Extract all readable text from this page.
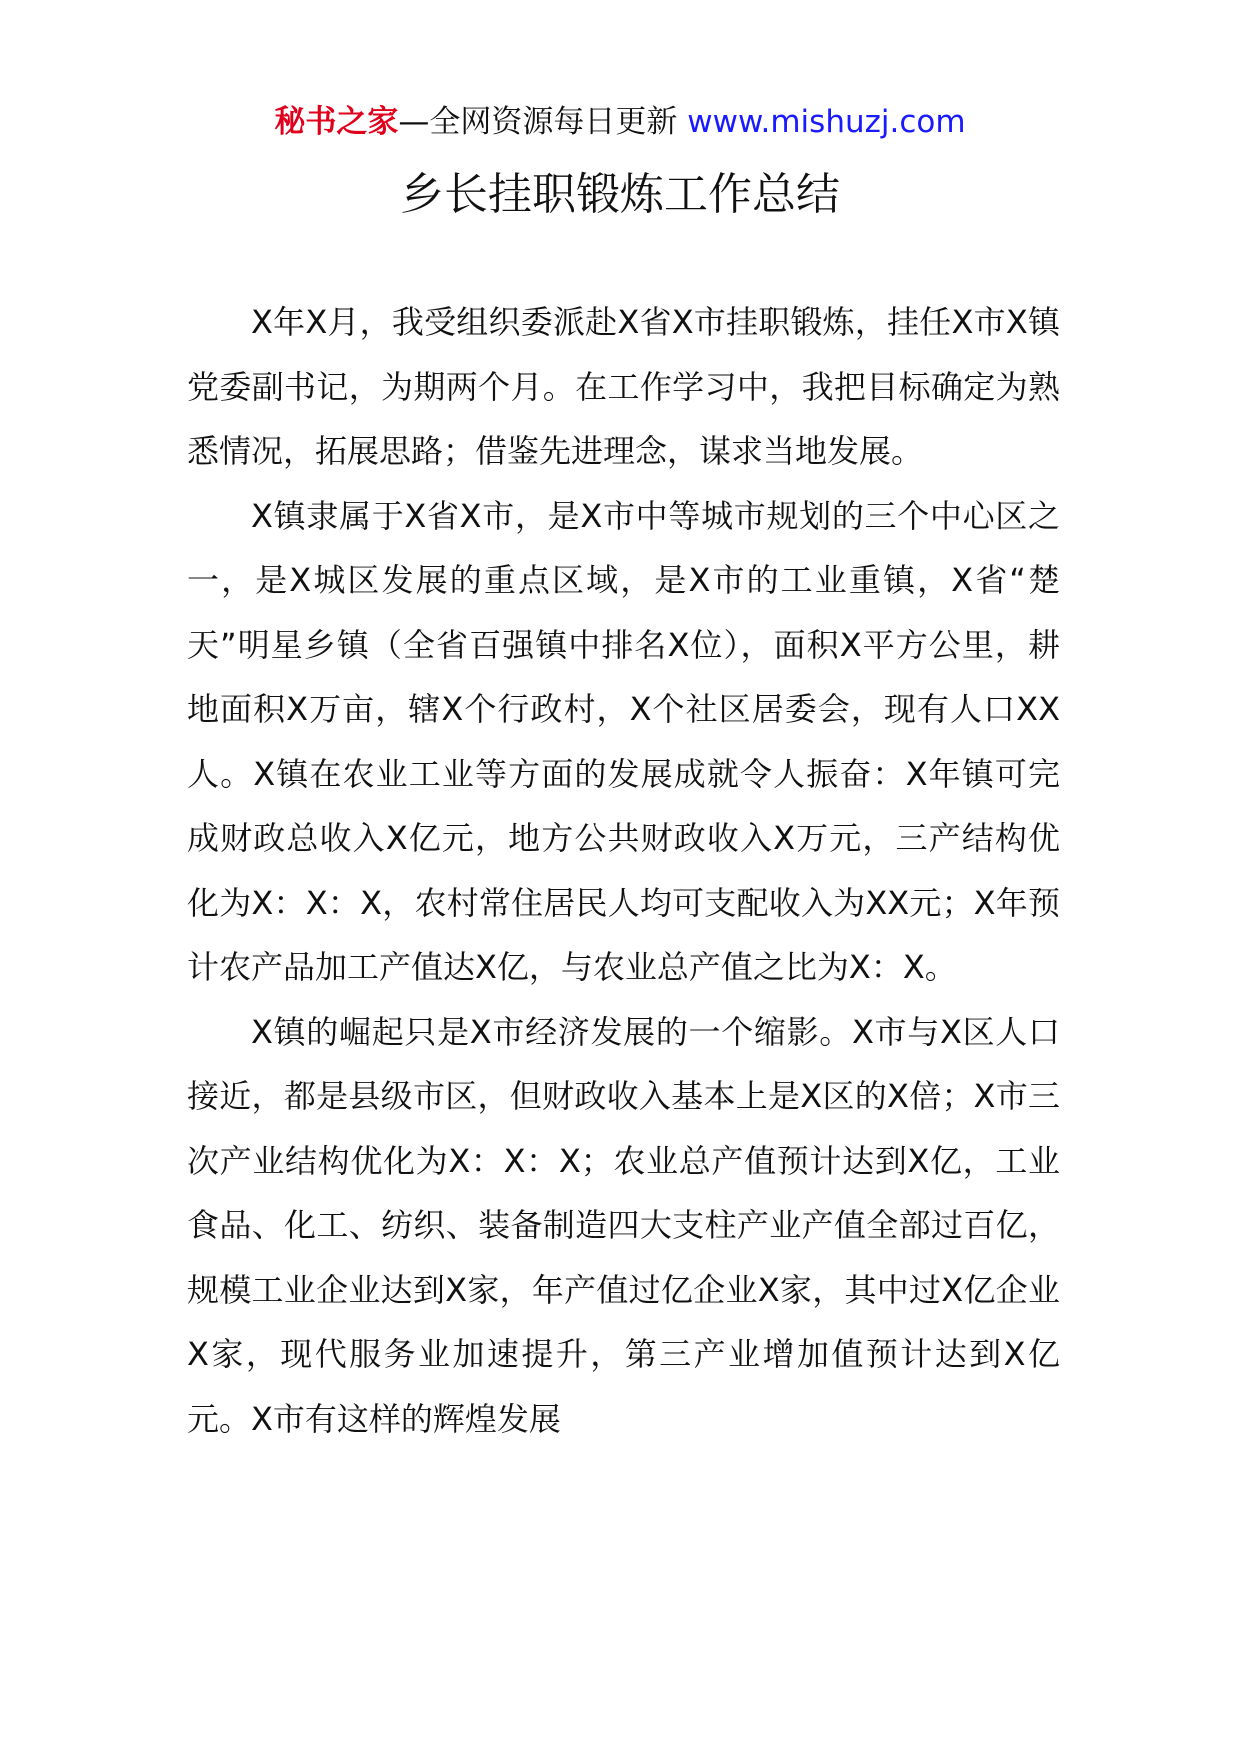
秘书之家—全网资源每日更新 www.mishuzj.com
乡长挂职锻炼工作总结

X年X月，我受组织委派赴X省X市挂职锻炼，挂任X市X镇党委副书记，为期两个月。在工作学习中，我把目标确定为熟悉情况，拓展思路；借鉴先进理念，谋求当地发展。

X镇隶属于X省X市，是X市中等城市规划的三个中心区之一，是X城区发展的重点区域，是X市的工业重镇，X省“楚天”明星乡镇（全省百强镇中排名X位），面积X平方公里，耕地面积X万亩，辖X个行政村，X个社区居委会，现有人口XX人。X镇在农业工业等方面的发展成就令人振奋：X年镇可完成财政总收入X亿元，地方公共财政收入X万元，三产结构优化为X：X：X，农村常住居民人均可支配收入为XX元；X年预计农产品加工产值达X亿，与农业总产值之比为X：X。

X镇的崛起只是X市经济发展的一个缩影。X市与X区人口接近，都是县级市区，但财政收入基本上是X区的X倍；X市三次产业结构优化为X：X：X；农业总产值预计达到X亿，工业食品、化工、纺织、装备制造四大支柱产业产值全部过百亿，规模工业企业达到X家，年产值过亿企业X家，其中过X亿企业X家，现代服务业加速提升，第三产业增加值预计达到X亿元。X市有这样的辉煌发展
